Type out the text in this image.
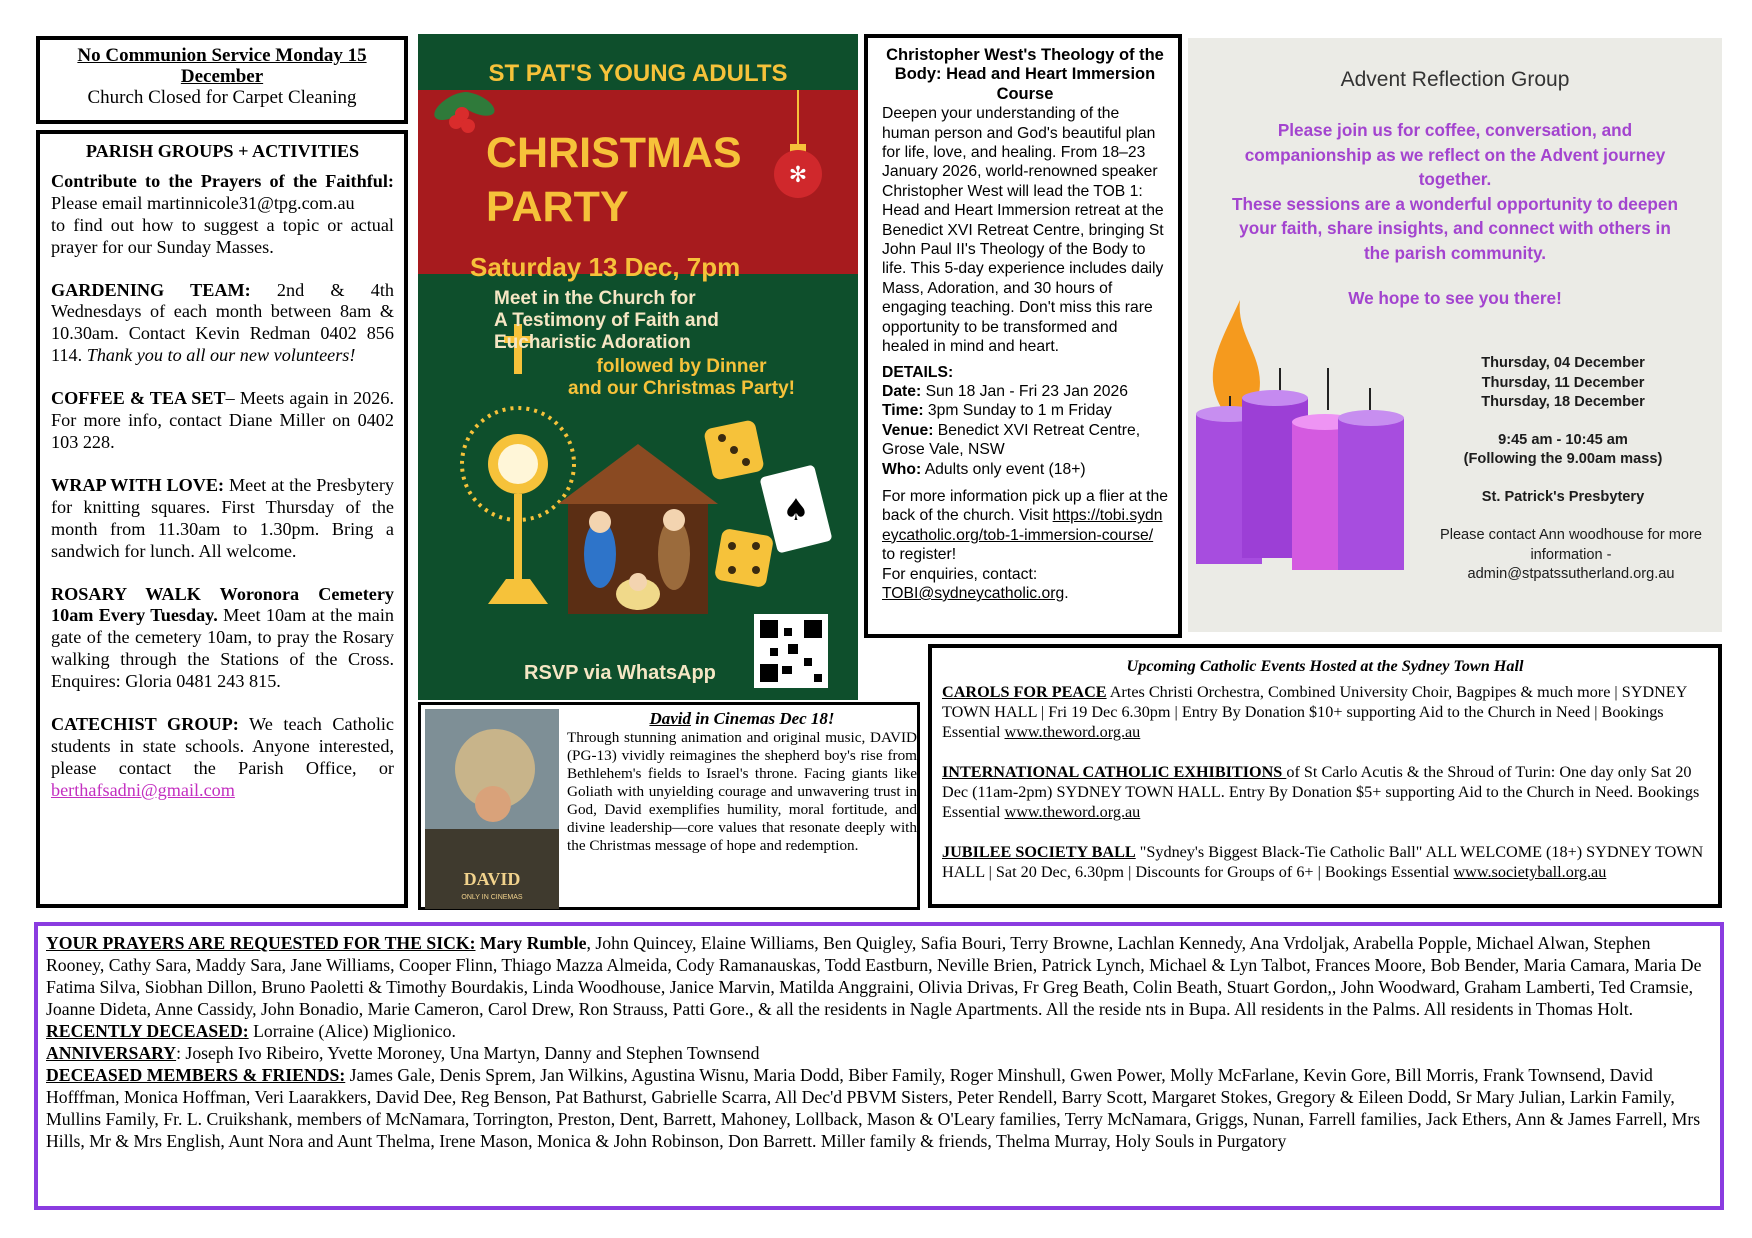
No Communion Service Monday 15 December
Church Closed for Carpet Cleaning
PARISH GROUPS + ACTIVITIES

Contribute to the Prayers of the Faithful: Please email martinnicole31@tpg.com.au
to find out how to suggest a topic or actual prayer for our Sunday Masses.

GARDENING TEAM: 2nd & 4th Wednesdays of each month between 8am & 10.30am. Contact Kevin Redman 0402 856 114. Thank you to all our new volunteers!

COFFEE & TEA SET– Meets again in 2026. For more info, contact Diane Miller on 0402 103 228.

WRAP WITH LOVE: Meet at the Presbytery for knitting squares. First Thursday of the month from 11.30am to 1.30pm. Bring a sandwich for lunch. All welcome.

ROSARY WALK Woronora Cemetery 10am Every Tuesday. Meet 10am at the main gate of the cemetery 10am, to pray the Rosary walking through the Stations of the Cross. Enquires: Gloria 0481 243 815.

CATECHIST GROUP: We teach Catholic students in state schools. Anyone interested, please contact the Parish Office, or berthafsadni@gmail.com

✻
♠
ST PAT'S YOUNG ADULTS
CHRISTMAS
PARTY
Saturday 13 Dec, 7pm
Meet in the Church for
A Testimony of Faith and
Eucharistic Adoration
followed by Dinner
and our Christmas Party!
RSVP via WhatsApp
DAVID
ONLY IN CINEMAS
David in Cinemas Dec 18!
Through stunning animation and original music, DAVID (PG-13) vividly reimagines the shepherd boy's rise from Bethlehem's fields to Israel's throne. Facing giants like Goliath with unyielding courage and unwavering trust in God, David exemplifies humility, moral fortitude, and divine leadership—core values that resonate deeply with the Christmas message of hope and redemption.
Christopher West's Theology of the Body: Head and Heart Immersion Course

Deepen your understanding of the human person and God's beautiful plan for life, love, and healing. From 18–23 January 2026, world-renowned speaker Christopher West will lead the TOB 1: Head and Heart Immersion retreat at the Benedict XVI Retreat Centre, bringing St John Paul II's Theology of the Body to life. This 5-day experience includes daily Mass, Adoration, and 30 hours of engaging teaching. Don't miss this rare opportunity to be transformed and healed in mind and heart.

DETAILS:
Date: Sun 18 Jan - Fri 23 Jan 2026
Time: 3pm Sunday to 1 m Friday
Venue: Benedict XVI Retreat Centre, Grose Vale, NSW
Who: Adults only event (18+)
For more information pick up a flier at the back of the church. Visit https://tobi.sydneycatholic.org/tob-1-immersion-course/ to register!
For enquiries, contact:
TOBI@sydneycatholic.org.
Advent Reflection Group
Please join us for coffee, conversation, and companionship as we reflect on the Advent journey together.
These sessions are a wonderful opportunity to deepen your faith, share insights, and connect with others in the parish community.
We hope to see you there!
Thursday, 04 December
Thursday, 11 December
Thursday, 18 December
9:45 am - 10:45 am
(Following the 9.00am mass)
St. Patrick's Presbytery
Please contact Ann woodhouse for more information -
admin@stpatssutherland.org.au
Upcoming Catholic Events Hosted at the Sydney Town Hall

CAROLS FOR PEACE Artes Christi Orchestra, Combined University Choir, Bagpipes & much more | SYDNEY TOWN HALL | Fri 19 Dec 6.30pm | Entry By Donation $10+ supporting Aid to the Church in Need | Bookings Essential www.theword.org.au

INTERNATIONAL CATHOLIC EXHIBITIONS of St Carlo Acutis & the Shroud of Turin: One day only Sat 20 Dec (11am-2pm) SYDNEY TOWN HALL. Entry By Donation $5+ supporting Aid to the Church in Need. Bookings Essential www.theword.org.au

JUBILEE SOCIETY BALL "Sydney's Biggest Black-Tie Catholic Ball" ALL WELCOME (18+) SYDNEY TOWN HALL | Sat 20 Dec, 6.30pm | Discounts for Groups of 6+ | Bookings Essential www.societyball.org.au

YOUR PRAYERS ARE REQUESTED FOR THE SICK: Mary Rumble, John Quincey, Elaine Williams, Ben Quigley, Safia Bouri, Terry Browne, Lachlan Kennedy, Ana Vrdoljak, Arabella Popple, Michael Alwan, Stephen Rooney, Cathy Sara, Maddy Sara, Jane Williams, Cooper Flinn, Thiago Mazza Almeida, Cody Ramanauskas, Todd Eastburn, Neville Brien, Patrick Lynch, Michael & Lyn Talbot, Frances Moore, Bob Bender, Maria Camara, Maria De Fatima Silva, Siobhan Dillon, Bruno Paoletti & Timothy Bourdakis, Linda Woodhouse, Janice Marvin, Matilda Anggraini, Olivia Drivas, Fr Greg Beath, Colin Beath, Stuart Gordon,, John Woodward, Graham Lamberti, Ted Cramsie, Joanne Dideta, Anne Cassidy, John Bonadio, Marie Cameron, Carol Drew, Ron Strauss, Patti Gore., & all the residents in Nagle Apartments. All the reside nts in Bupa. All residents in the Palms. All residents in Thomas Holt.
RECENTLY DECEASED: Lorraine (Alice) Miglionico.
ANNIVERSARY: Joseph Ivo Ribeiro, Yvette Moroney, Una Martyn, Danny and Stephen Townsend
DECEASED MEMBERS & FRIENDS: James Gale, Denis Sprem, Jan Wilkins, Agustina Wisnu, Maria Dodd, Biber Family, Roger Minshull, Gwen Power, Molly McFarlane, Kevin Gore, Bill Morris, Frank Townsend, David Hofffman, Monica Hoffman, Veri Laarakkers, David Dee, Reg Benson, Pat Bathurst, Gabrielle Scarra, All Dec'd PBVM Sisters, Peter Rendell, Barry Scott, Margaret Stokes, Gregory & Eileen Dodd, Sr Mary Julian, Larkin Family, Mullins Family, Fr. L. Cruikshank, members of McNamara, Torrington, Preston, Dent, Barrett, Mahoney, Lollback, Mason & O'Leary families, Terry McNamara, Griggs, Nunan, Farrell families, Jack Ethers, Ann & James Farrell, Mrs Hills, Mr & Mrs English, Aunt Nora and Aunt Thelma, Irene Mason, Monica & John Robinson, Don Barrett. Miller family & friends, Thelma Murray, Holy Souls in Purgatory
